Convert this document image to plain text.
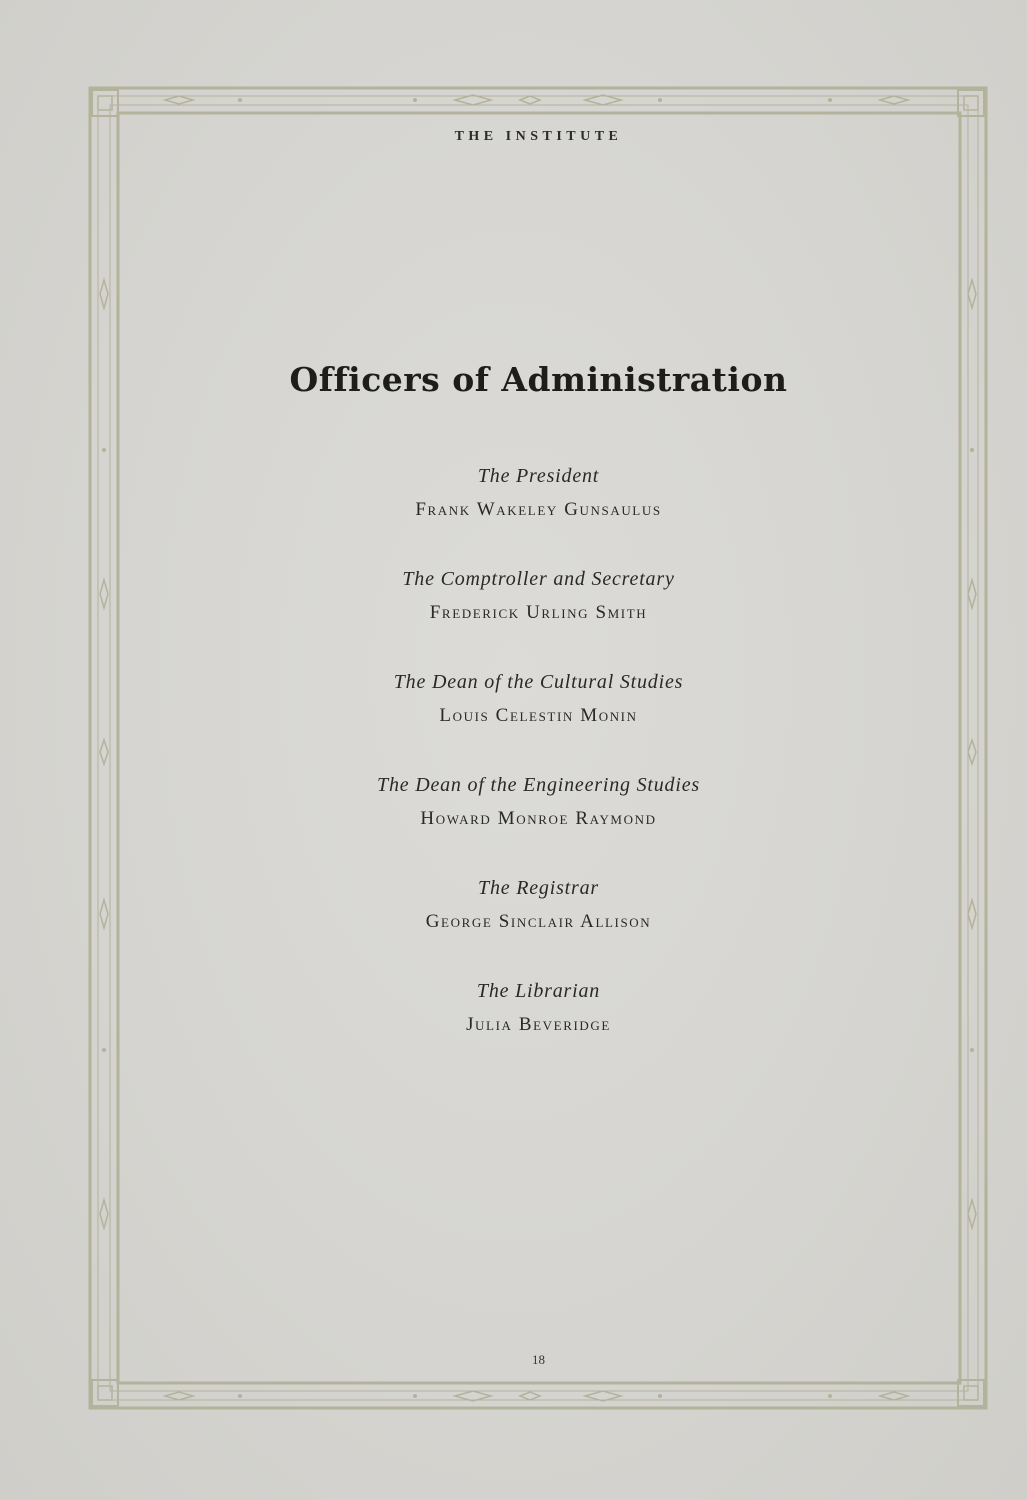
THE INSTITUTE
Officers of Administration
The President
Frank Wakeley Gunsaulus
The Comptroller and Secretary
Frederick Urling Smith
The Dean of the Cultural Studies
Louis Celestin Monin
The Dean of the Engineering Studies
Howard Monroe Raymond
The Registrar
George Sinclair Allison
The Librarian
Julia Beveridge
18
